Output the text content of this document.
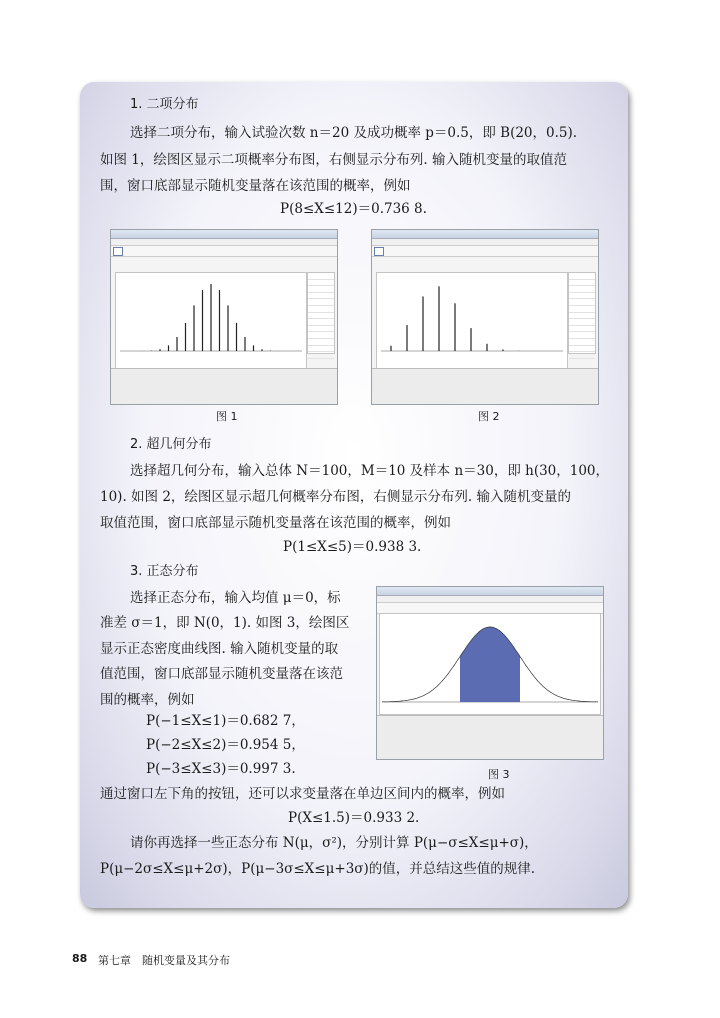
1. 二项分布
选择二项分布，输入试验次数 n＝20 及成功概率 p＝0.5，即 B(20，0.5).
如图 1，绘图区显示二项概率分布图，右侧显示分布列. 输入随机变量的取值范
围，窗口底部显示随机变量落在该范围的概率，例如
P(8≤X≤12)＝0.736 8.
图 1	图 2
2. 超几何分布
选择超几何分布，输入总体 N＝100，M＝10 及样本 n＝30，即 h(30，100，
10). 如图 2，绘图区显示超几何概率分布图，右侧显示分布列. 输入随机变量的
取值范围，窗口底部显示随机变量落在该范围的概率，例如
P(1≤X≤5)＝0.938 3.
3. 正态分布
选择正态分布，输入均值 μ＝0，标
准差 σ＝1，即 N(0，1). 如图 3，绘图区
显示正态密度曲线图. 输入随机变量的取
值范围，窗口底部显示随机变量落在该范
围的概率，例如
P(−1≤X≤1)＝0.682 7，
P(−2≤X≤2)＝0.954 5，
P(−3≤X≤3)＝0.997 3.	图 3
通过窗口左下角的按钮，还可以求变量落在单边区间内的概率，例如
P(X≤1.5)＝0.933 2.
请你再选择一些正态分布 N(μ，σ²)，分别计算 P(μ−σ≤X≤μ+σ)，
P(μ−2σ≤X≤μ+2σ)，P(μ−3σ≤X≤μ+3σ)的值，并总结这些值的规律.
88 第七章　随机变量及其分布
